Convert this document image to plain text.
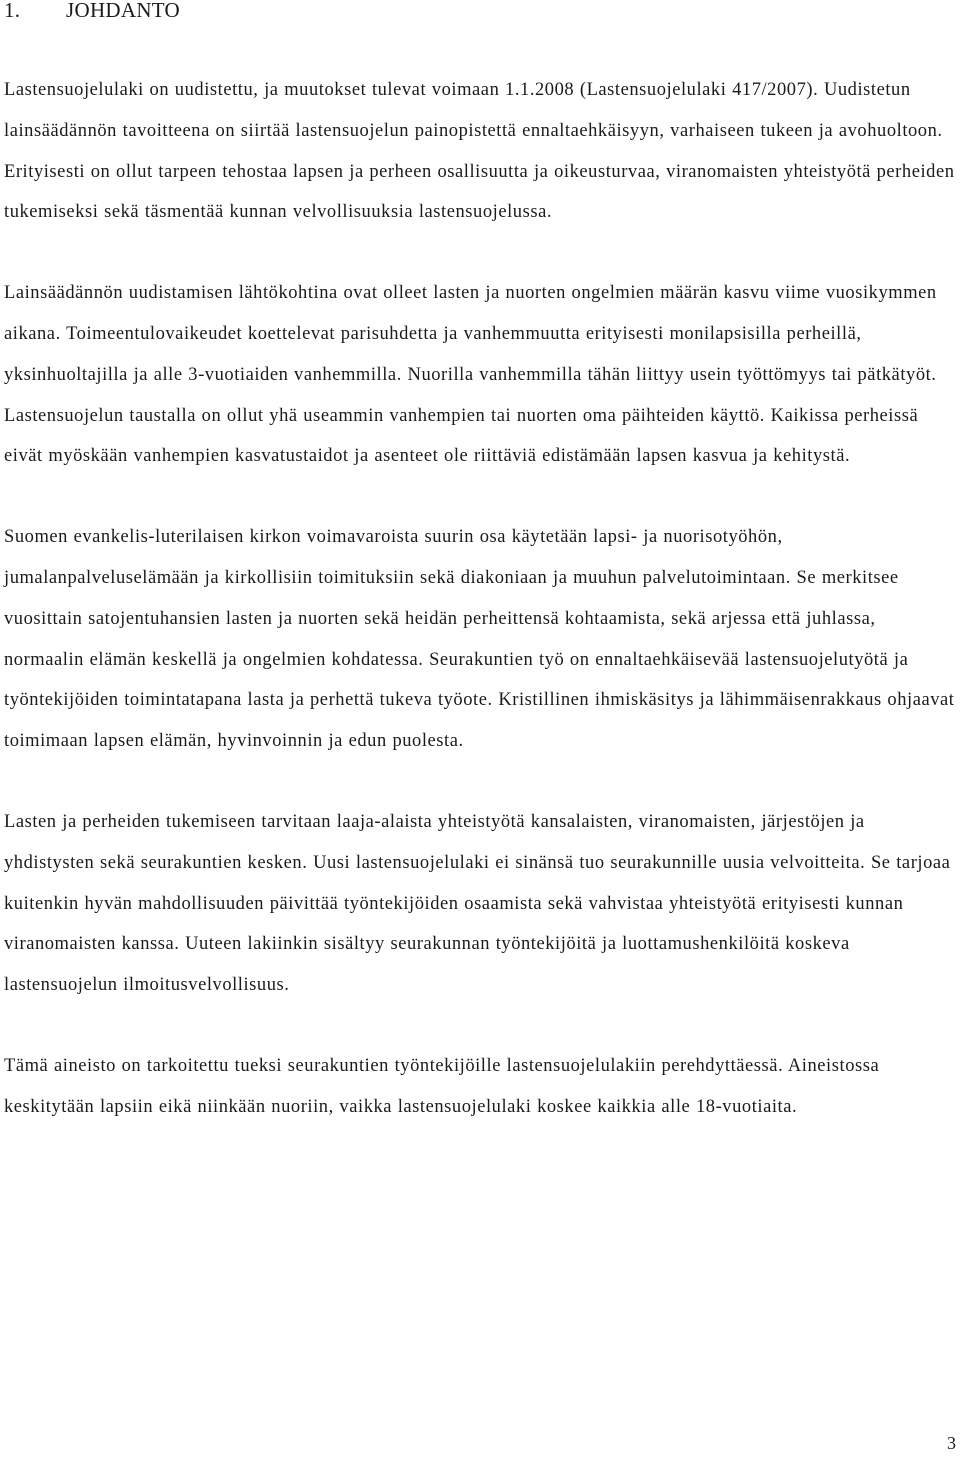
1. JOHDANTO

Lastensuojelulaki on uudistettu, ja muutokset tulevat voimaan 1.1.2008 (Lastensuojelulaki 417/2007). Uudistetun lainsäädännön tavoitteena on siirtää lastensuojelun painopistettä ennaltaehkäisyyn, varhaiseen tukeen ja avohuoltoon. Erityisesti on ollut tarpeen tehostaa lapsen ja perheen osallisuutta ja oikeusturvaa, viranomaisten yhteistyötä perheiden tukemiseksi sekä täsmentää kunnan velvollisuuksia lastensuojelussa.

Lainsäädännön uudistamisen lähtökohtina ovat olleet lasten ja nuorten ongelmien määrän kasvu viime vuosikymmen aikana. Toimeentulovaikeudet koettelevat parisuhdetta ja vanhemmuutta erityisesti monilapsisilla perheillä, yksinhuoltajilla ja alle 3-vuotiaiden vanhemmilla. Nuorilla vanhemmilla tähän liittyy usein työttömyys tai pätkätyöt. Lastensuojelun taustalla on ollut yhä useammin vanhempien tai nuorten oma päihteiden käyttö. Kaikissa perheissä eivät myöskään vanhempien kasvatustaidot ja asenteet ole riittäviä edistämään lapsen kasvua ja kehitystä.

Suomen evankelis-luterilaisen kirkon voimavaroista suurin osa käytetään lapsi- ja nuorisotyöhön, jumalanpalveluselämään ja kirkollisiin toimituksiin sekä diakoniaan ja muuhun palvelutoimintaan. Se merkitsee vuosittain satojentuhansien lasten ja nuorten sekä heidän perheittensä kohtaamista, sekä arjessa että juhlassa, normaalin elämän keskellä ja ongelmien kohdatessa. Seurakuntien työ on ennaltaehkäisevää lastensuojelutyötä ja työntekijöiden toimintatapana lasta ja perhettä tukeva työote. Kristillinen ihmiskäsitys ja lähimmäisenrakkaus ohjaavat toimimaan lapsen elämän, hyvinvoinnin ja edun puolesta.

Lasten ja perheiden tukemiseen tarvitaan laaja-alaista yhteistyötä kansalaisten, viranomaisten, järjestöjen ja yhdistysten sekä seurakuntien kesken. Uusi lastensuojelulaki ei sinänsä tuo seurakunnille uusia velvoitteita. Se tarjoaa kuitenkin hyvän mahdollisuuden päivittää työntekijöiden osaamista sekä vahvistaa yhteistyötä erityisesti kunnan viranomaisten kanssa. Uuteen lakiinkin sisältyy seurakunnan työntekijöitä ja luottamushenkilöitä koskeva lastensuojelun ilmoitusvelvollisuus.

Tämä aineisto on tarkoitettu tueksi seurakuntien työntekijöille lastensuojelulakiin perehdyttäessä. Aineistossa keskitytään lapsiin eikä niinkään nuoriin, vaikka lastensuojelulaki koskee kaikkia alle 18-vuotiaita.

3
